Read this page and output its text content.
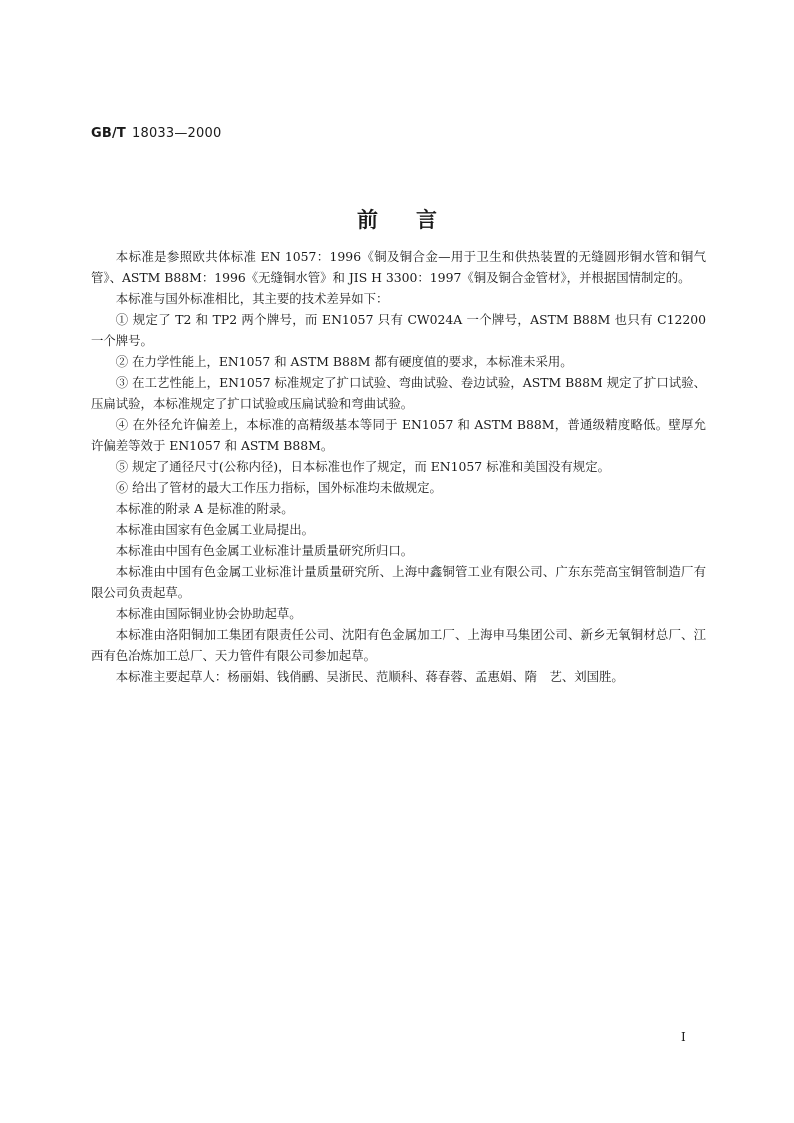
GB/T 18033—2000
前言

本标准是参照欧共体标准 EN 1057：1996《铜及铜合金—用于卫生和供热装置的无缝圆形铜水管和铜气管》、ASTM B88M：1996《无缝铜水管》和 JIS H 3300：1997《铜及铜合金管材》，并根据国情制定的。

本标准与国外标准相比，其主要的技术差异如下：

① 规定了 T2 和 TP2 两个牌号，而 EN1057 只有 CW024A 一个牌号，ASTM B88M 也只有 C12200 一个牌号。

② 在力学性能上，EN1057 和 ASTM B88M 都有硬度值的要求，本标准未采用。

③ 在工艺性能上，EN1057 标准规定了扩口试验、弯曲试验、卷边试验，ASTM B88M 规定了扩口试验、压扁试验，本标准规定了扩口试验或压扁试验和弯曲试验。

④ 在外径允许偏差上，本标准的高精级基本等同于 EN1057 和 ASTM B88M，普通级精度略低。壁厚允许偏差等效于 EN1057 和 ASTM B88M。

⑤ 规定了通径尺寸(公称内径)，日本标准也作了规定，而 EN1057 标准和美国没有规定。

⑥ 给出了管材的最大工作压力指标，国外标准均未做规定。

本标准的附录 A 是标准的附录。

本标准由国家有色金属工业局提出。

本标准由中国有色金属工业标准计量质量研究所归口。

本标准由中国有色金属工业标准计量质量研究所、上海中鑫铜管工业有限公司、广东东莞高宝铜管制造厂有限公司负责起草。

本标准由国际铜业协会协助起草。

本标准由洛阳铜加工集团有限责任公司、沈阳有色金属加工厂、上海申马集团公司、新乡无氧铜材总厂、江西有色冶炼加工总厂、天力管件有限公司参加起草。

本标准主要起草人：杨丽娟、钱俏鹂、吴浙民、范顺科、蒋春蓉、孟惠娟、隋　艺、刘国胜。

I
